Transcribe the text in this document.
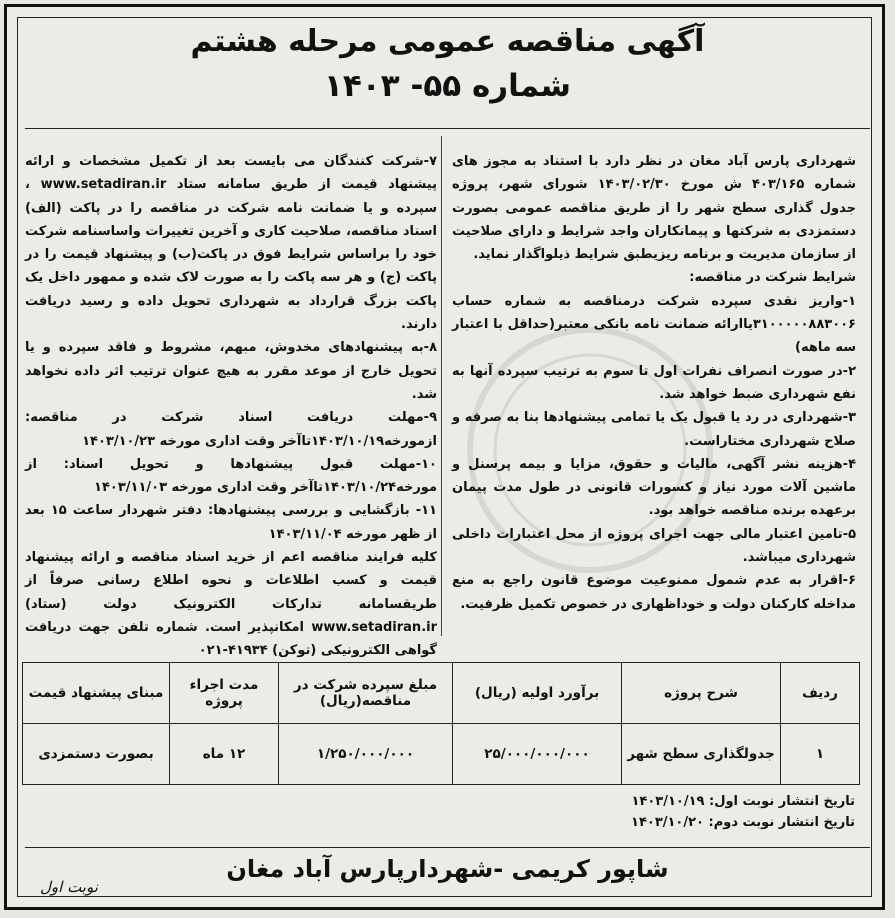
آگهی مناقصه عمومی مرحله هشتم
شماره ۵۵- ۱۴۰۳

شهرداری پارس آباد مغان در نظر دارد با استناد به مجوز های شماره ۴۰۳/۱۶۵ ش مورخ ۱۴۰۳/۰۲/۳۰ شورای شهر، پروژه جدول گذاری سطح شهر را از طریق مناقصه عمومی بصورت دستمزدی به شرکتها و پیمانکاران واجد شرایط و دارای صلاحیت از سازمان مدیریت و برنامه ریزیطبق شرایط ذیلواگذار نماید.

شرایط شرکت در مناقصه:

۱-واریز نقدی سپرده شرکت درمناقصه به شماره حساب ۳۱۰۰۰۰۰۸۸۳۰۰۶یاارائه ضمانت نامه بانکی معتبر(حداقل با اعتبار سه ماهه)

۲-در صورت انصراف نفرات اول تا سوم به ترتیب سپرده آنها به نفع شهرداری ضبط خواهد شد.

۳-شهرداری در رد یا قبول یک یا تمامی پیشنهادها بنا به صرفه و صلاح شهرداری مختاراست.

۴-هزینه نشر آگهی، مالیات و حقوق، مزایا و بیمه پرسنل و ماشین آلات مورد نیاز و کسورات قانونی در طول مدت پیمان برعهده برنده مناقصه خواهد بود.

۵-تامین اعتبار مالی جهت اجرای پروژه از محل اعتبارات داخلی شهرداری میباشد.

۶-اقرار به عدم شمول ممنوعیت موضوع قانون راجع به منع مداخله کارکنان دولت و خوداظهاری در خصوص تکمیل ظرفیت.

۷-شرکت کنندگان می بایست بعد از تکمیل مشخصات و ارائه پیشنهاد قیمت از طریق سامانه ستاد www.setadiran.ir ، سپرده و یا ضمانت نامه شرکت در مناقصه را در پاکت (الف) اسناد مناقصه، صلاحیت کاری و آخرین تغییرات واساسنامه شرکت خود را براساس شرایط فوق در پاکت(ب) و پیشنهاد قیمت را در پاکت (ج) و هر سه پاکت را به صورت لاک شده و ممهور داخل یک پاکت بزرگ قرارداد به شهرداری تحویل داده و رسید دریافت دارند.

۸-به پیشنهادهای مخدوش، مبهم، مشروط و فاقد سپرده و یا تحویل خارج از موعد مقرر به هیچ عنوان ترتیب اثر داده نخواهد شد.

۹-مهلت دریافت اسناد شرکت در مناقصه: ازمورخه۱۴۰۳/۱۰/۱۹تاآخر وقت اداری مورخه ۱۴۰۳/۱۰/۲۳

۱۰-مهلت قبول پیشنهادها و تحویل اسناد: از مورخه۱۴۰۳/۱۰/۲۴تاآخر وقت اداری مورخه ۱۴۰۳/۱۱/۰۳

۱۱- بازگشایی و بررسی پیشنهادها: دفتر شهردار ساعت ۱۵ بعد از ظهر مورخه ۱۴۰۳/۱۱/۰۴

کلیه فرایند مناقصه اعم از خرید اسناد مناقصه و ارائه پیشنهاد قیمت و کسب اطلاعات و نحوه اطلاع رسانی صرفاً از طریقسامانه تدارکات الکترونیک دولت (ستاد) www.setadiran.ir امکانپذیر است. شماره تلفن جهت دریافت گواهی الکترونیکی (توکن) ۴۱۹۳۴-۰۲۱

ردیف	شرح پروژه	برآورد اولیه (ریال)	مبلغ سپرده شرکت در مناقصه(ریال)	مدت اجراء پروژه	مبنای پیشنهاد قیمت
۱	جدولگذاری سطح شهر	۲۵/۰۰۰/۰۰۰/۰۰۰	۱/۲۵۰/۰۰۰/۰۰۰	۱۲ ماه	بصورت دستمزدی
تاریخ انتشار نوبت اول: ۱۴۰۳/۱۰/۱۹
تاریخ انتشار نوبت دوم: ۱۴۰۳/۱۰/۲۰
شاپور کریمی -شهردارپارس آباد مغان
نوبت اول
